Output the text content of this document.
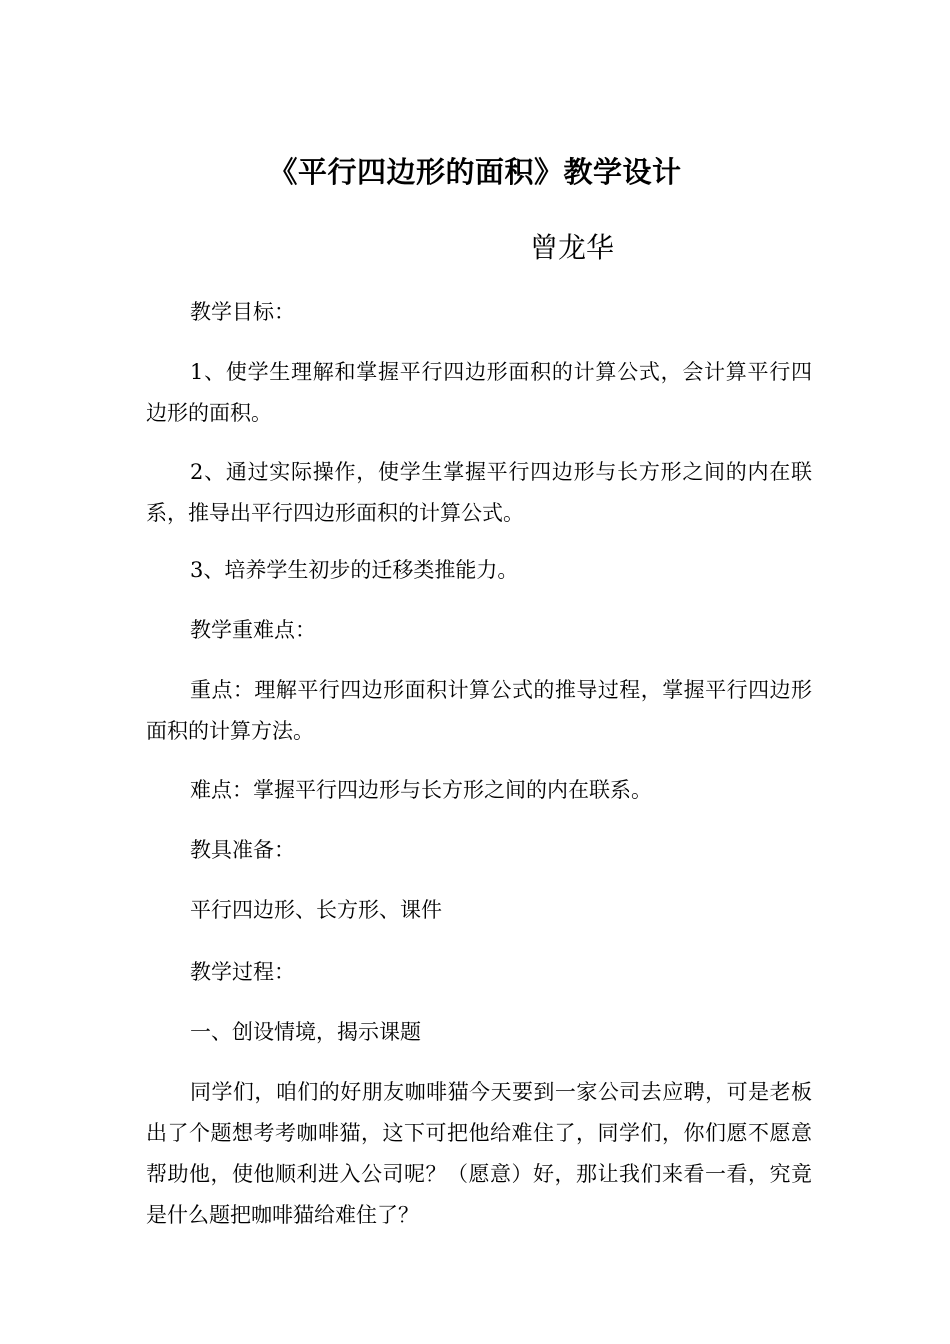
《平行四边形的面积》教学设计
曾龙华

教学目标：

1、使学生理解和掌握平行四边形面积的计算公式，会计算平行四边形的面积。

2、通过实际操作，使学生掌握平行四边形与长方形之间的内在联系，推导出平行四边形面积的计算公式。

3、培养学生初步的迁移类推能力。

教学重难点：

重点：理解平行四边形面积计算公式的推导过程，掌握平行四边形面积的计算方法。

难点：掌握平行四边形与长方形之间的内在联系。

教具准备：

平行四边形、长方形、课件

教学过程：

一、创设情境，揭示课题

同学们，咱们的好朋友咖啡猫今天要到一家公司去应聘，可是老板出了个题想考考咖啡猫，这下可把他给难住了，同学们，你们愿不愿意帮助他，使他顺利进入公司呢？（愿意）好，那让我们来看一看，究竟是什么题把咖啡猫给难住了？
